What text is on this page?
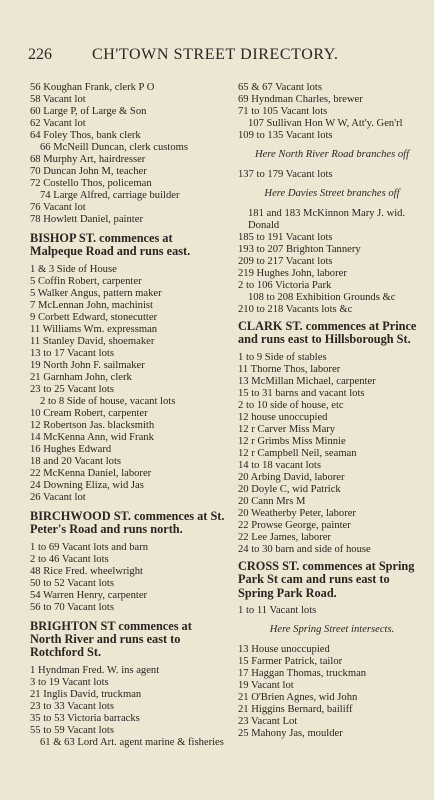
226	CH'TOWN STREET DIRECTORY.
56 Koughan Frank, clerk P O
58 Vacant lot
60 Large P, of Large & Son
62 Vacant lot
64 Foley Thos, bank clerk
66 McNeill Duncan, clerk customs
68 Murphy Art, hairdresser
70 Duncan John M, teacher
72 Costello Thos, policeman
74 Large Alfred, carriage builder
76 Vacant lot
78 Howlett Daniel, painter
BISHOP ST. commences at Malpeque Road and runs east.
1 & 3 Side of House
5 Coffin Robert, carpenter
5 Walker Angus, pattern maker
7 McLennan John, machinist
9 Corbett Edward, stonecutter
11 Williams Wm. expressman
11 Stanley David, shoemaker
13 to 17 Vacant lots
19 North John F. sailmaker
21 Garnham John, clerk
23 to 25 Vacant lots
2 to 8 Side of house, vacant lots
10 Cream Robert, carpenter
12 Robertson Jas. blacksmith
14 McKenna Ann, wid Frank
16 Hughes Edward
18 and 20 Vacant lots
22 McKenna Daniel, laborer
24 Downing Eliza, wid Jas
26 Vacant lot
BIRCHWOOD ST. commences at St. Peter's Road and runs north.
1 to 69 Vacant lots and barn
2 to 46 Vacant lots
48 Rice Fred. wheelwright
50 to 52 Vacant lots
54 Warren Henry, carpenter
56 to 70 Vacant lots
BRIGHTON ST commences at North River and runs east to Rotchford St.
1 Hyndman Fred. W. ins agent
3 to 19 Vacant lots
21 Inglis David, truckman
23 to 33 Vacant lots
35 to 53 Victoria barracks
55 to 59 Vacant lots
61 & 63 Lord Art. agent marine & fisheries
65 & 67 Vacant lots
69 Hyndman Charles, brewer
71 to 105 Vacant lots
107 Sullivan Hon W W, Att'y. Gen'rl
109 to 135 Vacant lots
Here North River Road branches off
137 to 179 Vacant lots
Here Davies Street branches off
181 and 183 McKinnon Mary J. wid. Donald
185 to 191 Vacant lots
193 to 207 Brighton Tannery
209 to 217 Vacant lots
219 Hughes John, laborer
2 to 106 Victoria Park
108 to 208 Exhibition Grounds &c
210 to 218 Vacants lots &c
CLARK ST. commences at Prince and runs east to Hillsborough St.
1 to 9 Side of stables
11 Thorne Thos, laborer
13 McMillan Michael, carpenter
15 to 31 barns and vacant lots
2 to 10 side of house, etc
12 house unoccupied
12 r Carver Miss Mary
12 r Grimbs Miss Minnie
12 r Campbell Neil, seaman
14 to 18 vacant lots
20 Arbing David, laborer
20 Doyle C, wid Patrick
20 Cann Mrs M
20 Weatherby Peter, laborer
22 Prowse George, painter
22 Lee James, laborer
24 to 30 barn and side of house
CROSS ST. commences at Spring Park St cam and runs east to Spring Park Road.
1 to 11 Vacant lots
Here Spring Street intersects.
13 House unoccupied
15 Farmer Patrick, tailor
17 Haggan Thomas, truckman
19 Vacant lot
21 O'Brien Agnes, wid John
21 Higgins Bernard, bailiff
23 Vacant Lot
25 Mahony Jas, moulder
